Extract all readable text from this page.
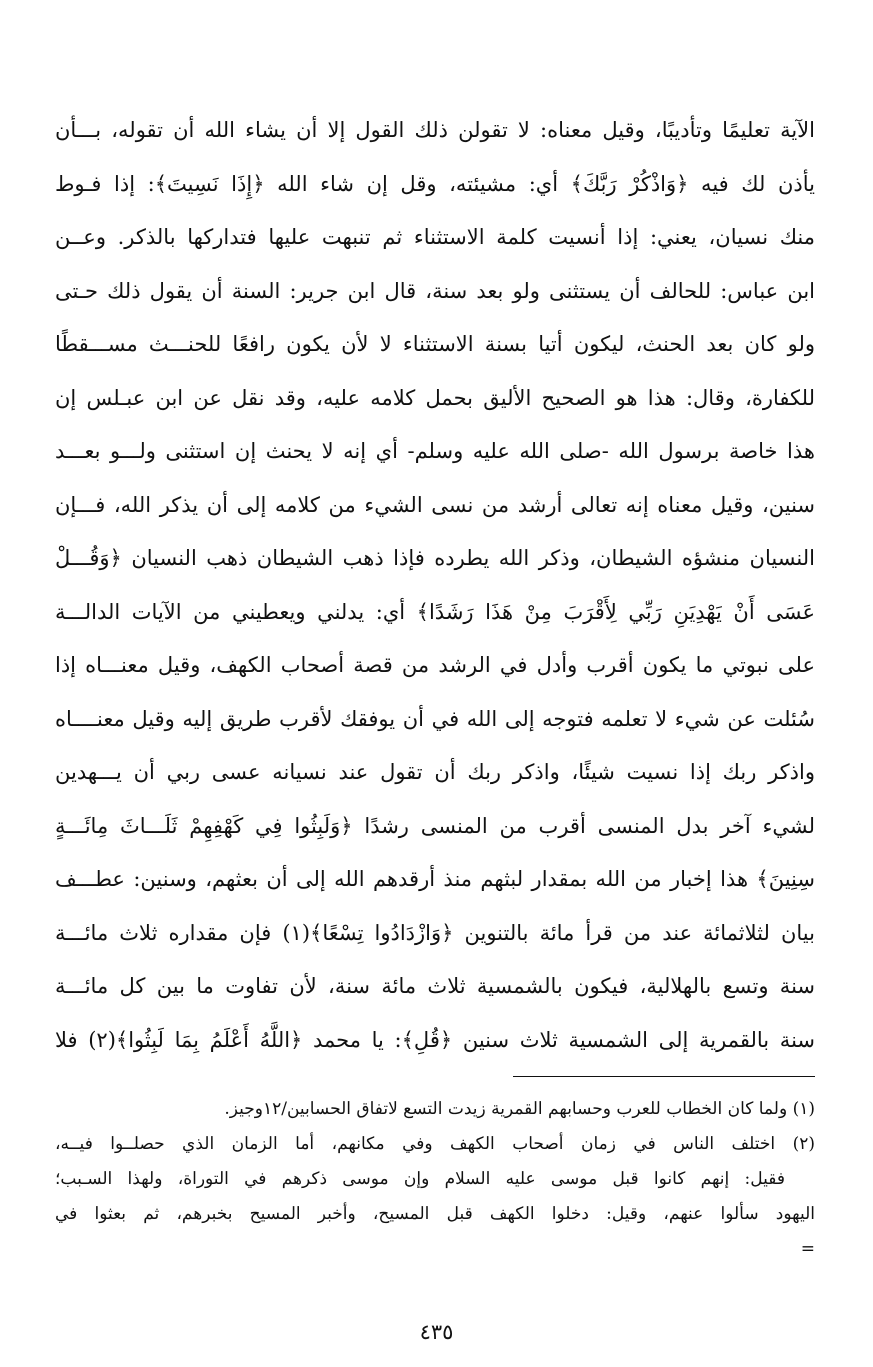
الآية تعليمًا وتأديبًا، وقيل معناه: لا تقولن ذلك القول إلا أن يشاء الله أن تقوله، بـــأن
يأذن لك فيه ﴿وَاذْكُرْ رَبَّكَ﴾ أي: مشيئته، وقل إن شاء الله ﴿إِذَا نَسِيتَ﴾: إذا فـوط
منك نسيان، يعني: إذا أنسيت كلمة الاستثناء ثم تنبهت عليها فتداركها بالذكر. وعــن
ابن عباس: للحالف أن يستثنى ولو بعد سنة، قال ابن جرير: السنة أن يقول ذلك حـتى
ولو كان بعد الحنث، ليكون أتيا بسنة الاستثناء لا لأن يكون رافعًا للحنـــث مســـقطًا
للكفارة، وقال: هذا هو الصحيح الأليق بحمل كلامه عليه، وقد نقل عن ابن عبـلس إن
هذا خاصة برسول الله -صلى الله عليه وسلم- أي إنه لا يحنث إن استثنى ولـــو بعـــد
سنين، وقيل معناه إنه تعالى أرشد من نسى الشيء من كلامه إلى أن يذكر الله، فـــإن
النسيان منشؤه الشيطان، وذكر الله يطرده فإذا ذهب الشيطان ذهب النسيان ﴿وَقُـــلْ
عَسَى أَنْ يَهْدِيَنِ رَبِّي لِأَقْرَبَ مِنْ هَذَا رَشَدًا﴾ أي: يدلني ويعطيني من الآيات الدالـــة
على نبوتي ما يكون أقرب وأدل في الرشد من قصة أصحاب الكهف، وقيل معنـــاه إذا
سُئلت عن شيء لا تعلمه فتوجه إلى الله في أن يوفقك لأقرب طريق إليه وقيل معنــــاه
واذكر ربك إذا نسيت شيئًا، واذكر ربك أن تقول عند نسيانه عسى ربي أن يـــهدين
لشيء آخر بدل المنسى أقرب من المنسى رشدًا ﴿وَلَبِثُوا فِي كَهْفِهِمْ ثَلَـــاثَ مِائَـــةٍ
سِنِينَ﴾ هذا إخبار من الله بمقدار لبثهم منذ أرقدهم الله إلى أن بعثهم، وسنين: عطـــف
بيان لثلاثمائة عند من قرأ مائة بالتنوين ﴿وَازْدَادُوا تِسْعًا﴾(١) فإن مقداره ثلاث مائـــة
سنة وتسع بالهلالية، فيكون بالشمسية ثلاث مائة سنة، لأن تفاوت ما بين كل مائـــة
سنة بالقمرية إلى الشمسية ثلاث سنين ﴿قُلِ﴾: يا محمد ﴿اللَّهُ أَعْلَمُ بِمَا لَبِثُوا﴾(٢) فلا
(١) ولما كان الخطاب للعرب وحسابهم القمرية زيدت التسع لاتفاق الحسابين/١٢وجيز.
(٢) اختلف الناس في زمان أصحاب الكهف وفي مكانهم، أما الزمان الذي حصلــوا فيــه،
فقيل: إنهم كانوا قبل موسى عليه السلام وإن موسى ذكرهم في التوراة، ولهذا السـبب؛
اليهود سألوا عنهم، وقيل: دخلوا الكهف قبل المسيح، وأخبر المسيح بخبرهم، ثم بعثوا في
=
٤٣٥
